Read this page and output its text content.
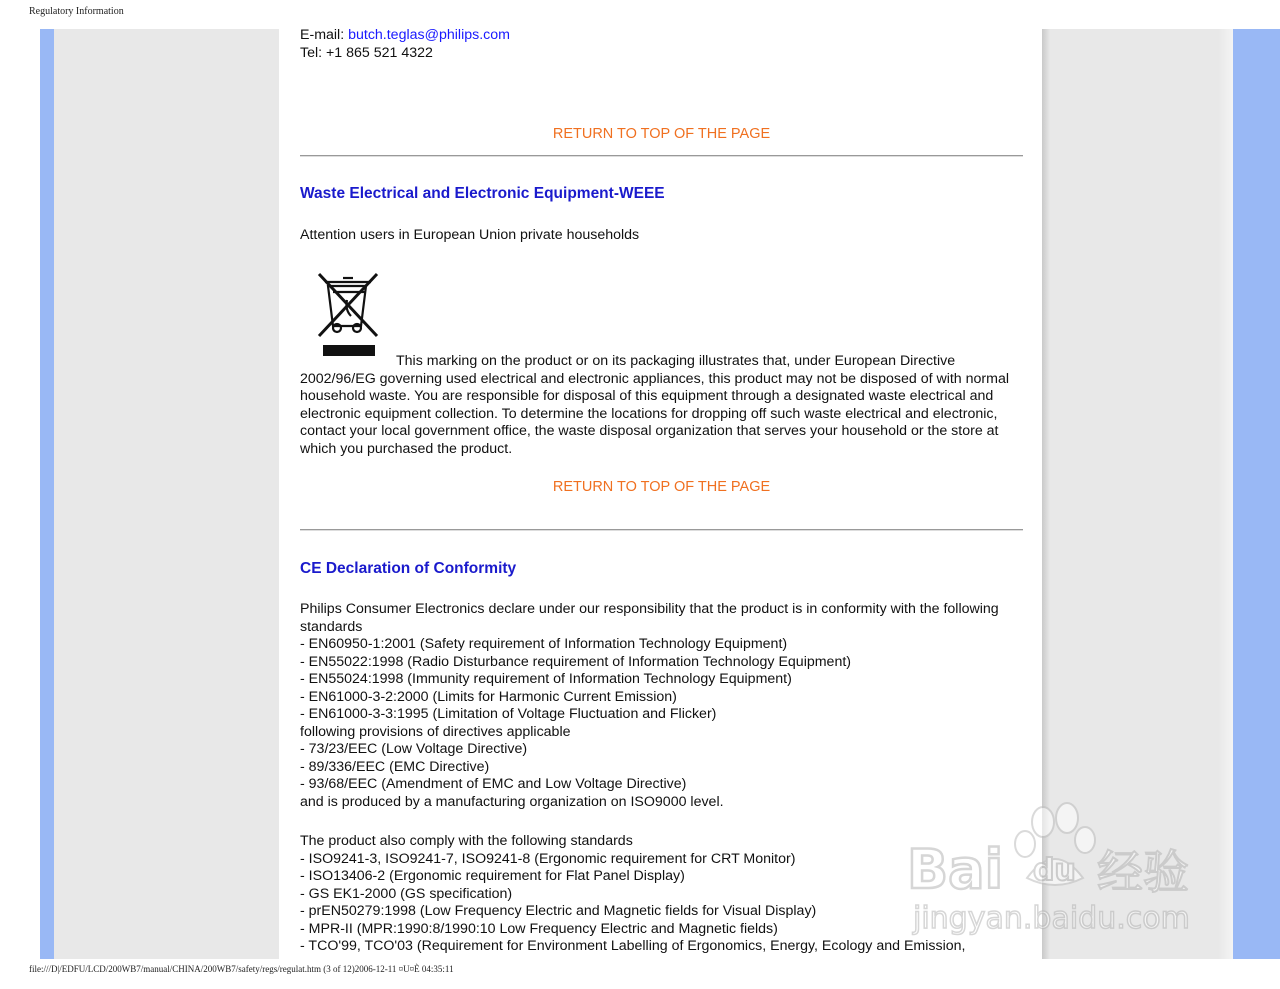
Regulatory Information
E-mail: butch.teglas@philips.com
Tel: +1 865 521 4322
RETURN TO TOP OF THE PAGE
Waste Electrical and Electronic Equipment-WEEE
Attention users in European Union private households
This marking on the product or on its packaging illustrates that, under European Directive 2002/96/EG governing used electrical and electronic appliances, this product may not be disposed of with normal household waste. You are responsible for disposal of this equipment through a designated waste electrical and electronic equipment collection. To determine the locations for dropping off such waste electrical and electronic, contact your local government office, the waste disposal organization that serves your household or the store at which you purchased the product.
RETURN TO TOP OF THE PAGE
CE Declaration of Conformity
Philips Consumer Electronics declare under our responsibility that the product is in conformity with the following
standards
- EN60950-1:2001 (Safety requirement of Information Technology Equipment)
- EN55022:1998 (Radio Disturbance requirement of Information Technology Equipment)
- EN55024:1998 (Immunity requirement of Information Technology Equipment)
- EN61000-3-2:2000 (Limits for Harmonic Current Emission)
- EN61000-3-3:1995 (Limitation of Voltage Fluctuation and Flicker)
following provisions of directives applicable
- 73/23/EEC (Low Voltage Directive)
- 89/336/EEC (EMC Directive)
- 93/68/EEC (Amendment of EMC and Low Voltage Directive)
and is produced by a manufacturing organization on ISO9000 level.
The product also comply with the following standards
- ISO9241-3, ISO9241-7, ISO9241-8 (Ergonomic requirement for CRT Monitor)
- ISO13406-2 (Ergonomic requirement for Flat Panel Display)
- GS EK1-2000 (GS specification)
- prEN50279:1998 (Low Frequency Electric and Magnetic fields for Visual Display)
- MPR-II (MPR:1990:8/1990:10 Low Frequency Electric and Magnetic fields)
- TCO'99, TCO'03 (Requirement for Environment Labelling of Ergonomics, Energy, Ecology and Emission,
Bai du 经验
jingyan.baidu.com
file:///D|/EDFU/LCD/200WB7/manual/CHINA/200WB7/safety/regs/regulat.htm (3 of 12)2006-12-11 ¤U¤È 04:35:11
